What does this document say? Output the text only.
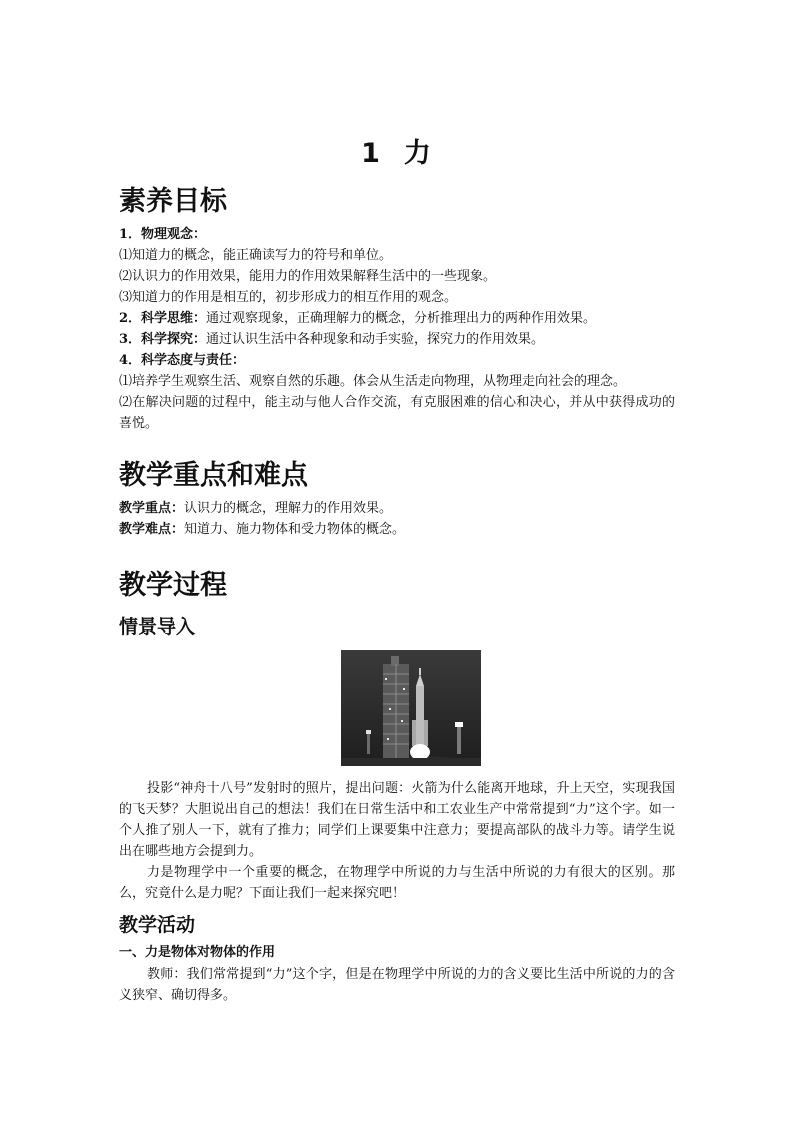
1 力
素养目标

1．物理观念：

⑴知道力的概念，能正确读写力的符号和单位。

⑵认识力的作用效果，能用力的作用效果解释生活中的一些现象。

⑶知道力的作用是相互的，初步形成力的相互作用的观念。

2．科学思维：通过观察现象，正确理解力的概念，分析推理出力的两种作用效果。

3．科学探究：通过认识生活中各种现象和动手实验，探究力的作用效果。

4．科学态度与责任：

⑴培养学生观察生活、观察自然的乐趣。体会从生活走向物理，从物理走向社会的理念。

⑵在解决问题的过程中，能主动与他人合作交流，有克服困难的信心和决心，并从中获得成功的喜悦。

教学重点和难点

教学重点：认识力的概念，理解力的作用效果。

教学难点：知道力、施力物体和受力物体的概念。

教学过程
情景导入

投影“神舟十八号”发射时的照片，提出问题：火箭为什么能离开地球，升上天空，实现我国的飞天梦？大胆说出自己的想法！我们在日常生活中和工农业生产中常常提到“力”这个字。如一个人推了别人一下，就有了推力；同学们上课要集中注意力；要提高部队的战斗力等。请学生说出在哪些地方会提到力。

力是物理学中一个重要的概念，在物理学中所说的力与生活中所说的力有很大的区别。那么，究竟什么是力呢？下面让我们一起来探究吧！

教学活动

一、力是物体对物体的作用

教师：我们常常提到“力”这个字，但是在物理学中所说的力的含义要比生活中所说的力的含义狭窄、确切得多。
